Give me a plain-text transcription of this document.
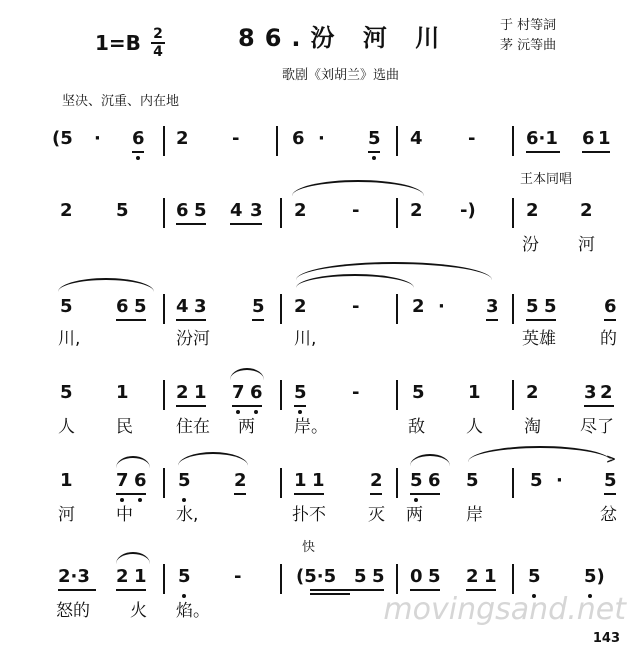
1=B 2
4	86.汾 河 川	于 村等詞
茅 沅等曲
歌剧《刘胡兰》选曲
坚决、沉重、内在地
(5 · 6 2 -	6 · 5 4	-	6·1 6 1
王本同唱
2 5	6 5 4 3 2	-	2 -)	2 2
汾 河
5 6 5 4 3	5 2	-	2 · 3 5 5	6
川,	汾河	川,	英雄	的
5 1	2 1 7 6 5	-	5 1	2	3 2
人 民	住在 两 岸。	敌 人 淘 尽了
1 7 6 5 2	1 1	2 5 6 5	5 · 5
>
河 中	水,	扑不 灭 两	岸	忿
快
2·3 2 1 5 -	(5·5 5 5 0 5 2 1 5 5)
怒的 火 焰。	movingsand.net
143
